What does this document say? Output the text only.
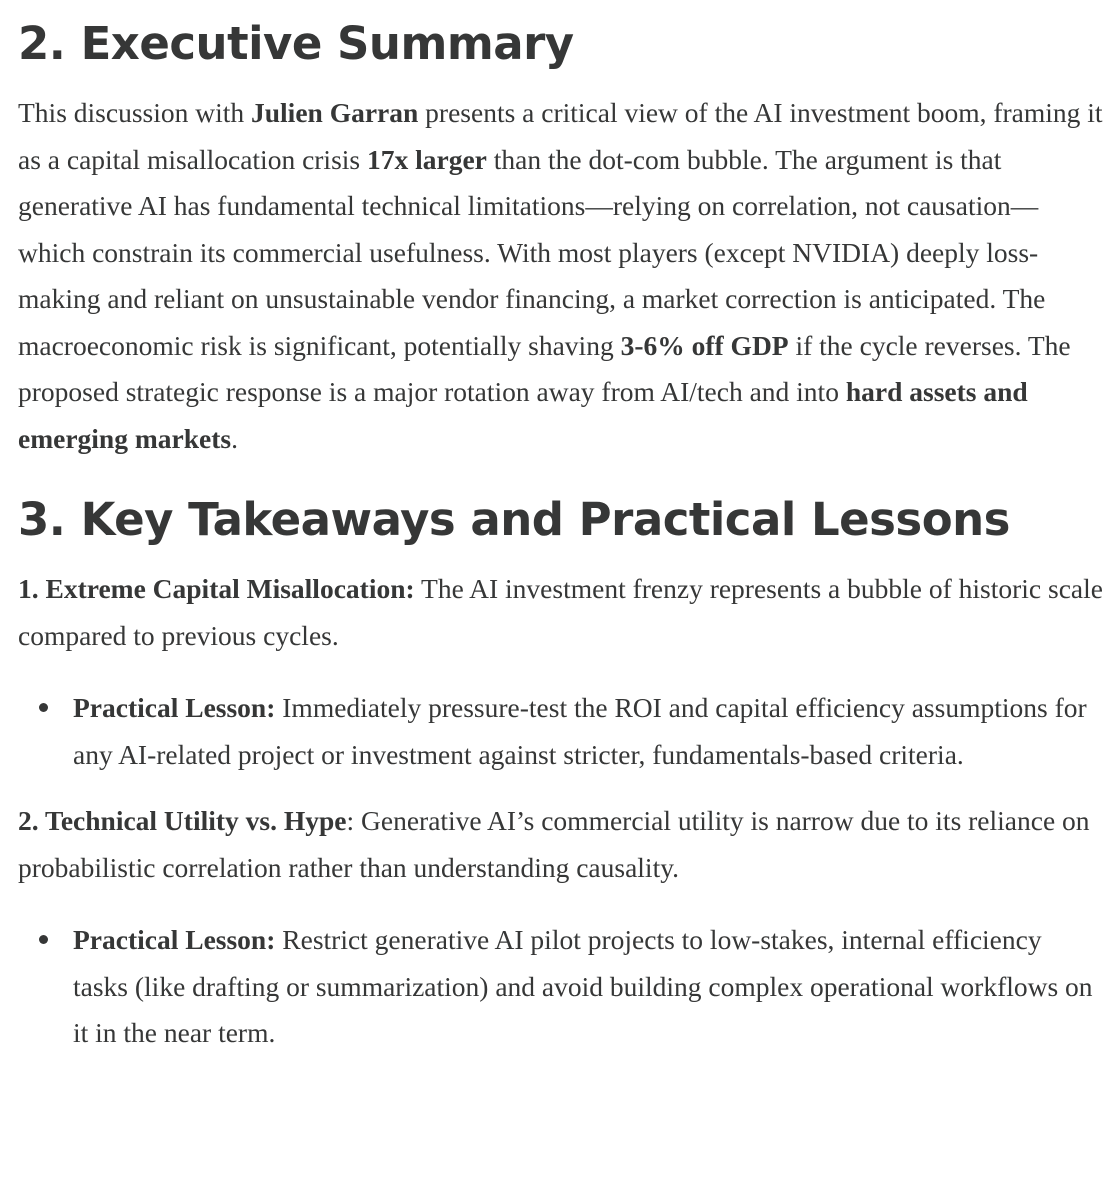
2. Executive Summary

This discussion with Julien Garran presents a critical view of the AI investment boom, framing it as a capital misallocation crisis 17x larger than the dot-com bubble. The argument is that generative AI has fundamental technical limitations—relying on correlation, not causation—which constrain its commercial usefulness. With most players (except NVIDIA) deeply loss-making and reliant on unsustainable vendor financing, a market correction is anticipated. The macroeconomic risk is significant, potentially shaving 3-6% off GDP if the cycle reverses. The proposed strategic response is a major rotation away from AI/tech and into hard assets and emerging markets.

3. Key Takeaways and Practical Lessons

1. Extreme Capital Misallocation: The AI investment frenzy represents a bubble of historic scale compared to previous cycles.

Practical Lesson: Immediately pressure-test the ROI and capital efficiency assumptions for any AI-related project or investment against stricter, fundamentals-based criteria.

2. Technical Utility vs. Hype: Generative AI’s commercial utility is narrow due to its reliance on probabilistic correlation rather than understanding causality.

Practical Lesson: Restrict generative AI pilot projects to low-stakes, internal efficiency tasks (like drafting or summarization) and avoid building complex operational workflows on it in the near term.
